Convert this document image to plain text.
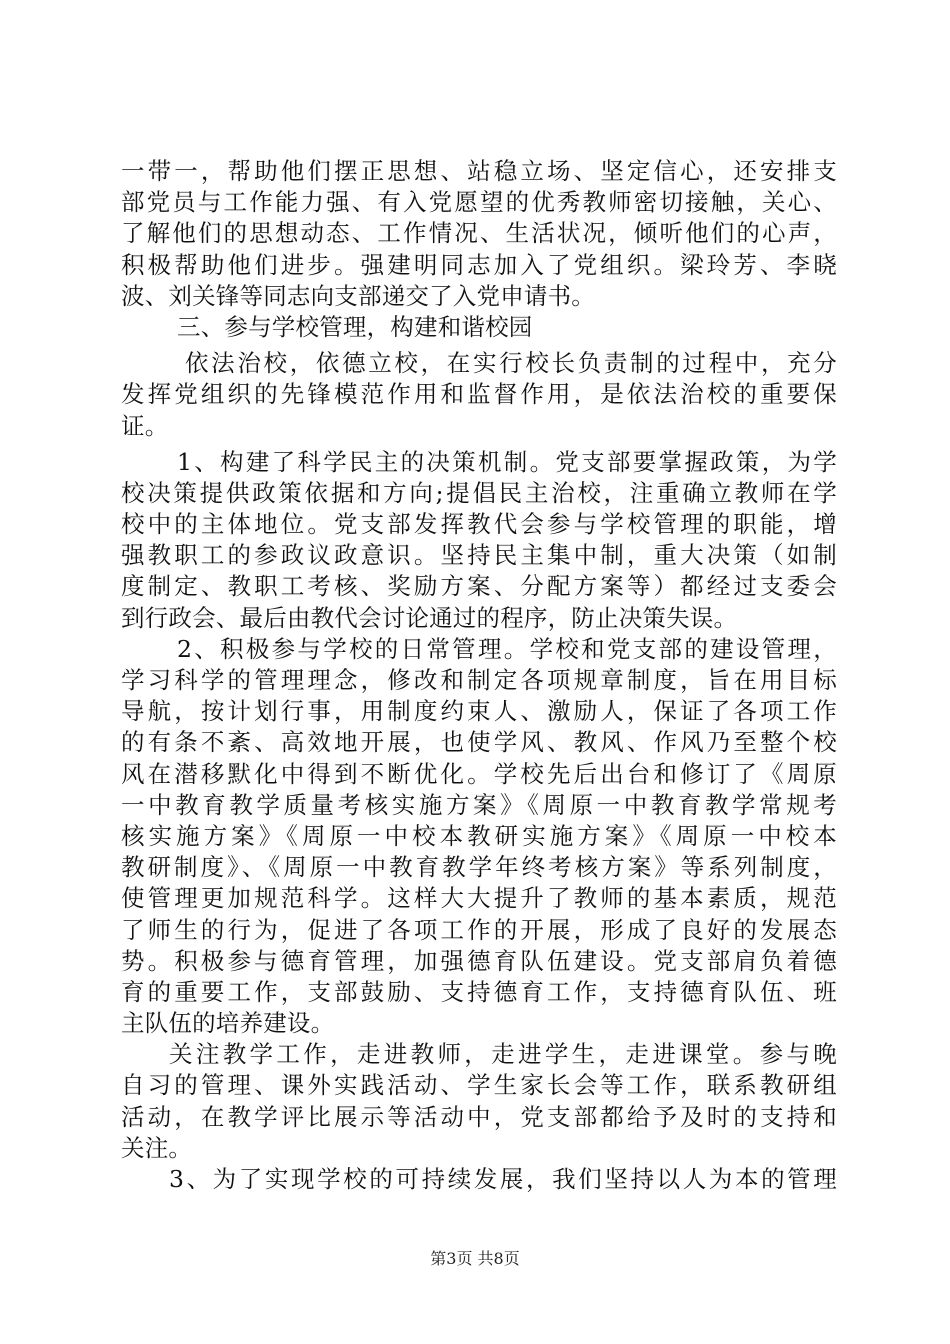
一带一，帮助他们摆正思想、站稳立场、坚定信心，还安排支
部党员与工作能力强、有入党愿望的优秀教师密切接触，关心、
了解他们的思想动态、工作情况、生活状况，倾听他们的心声，
积极帮助他们进步。强建明同志加入了党组织。梁玲芳、李晓
波、刘关锋等同志向支部递交了入党申请书。
三、参与学校管理，构建和谐校园
依法治校，依德立校，在实行校长负责制的过程中，充分
发挥党组织的先锋模范作用和监督作用，是依法治校的重要保
证。
1、构建了科学民主的决策机制。党支部要掌握政策，为学
校决策提供政策依据和方向;提倡民主治校，注重确立教师在学
校中的主体地位。党支部发挥教代会参与学校管理的职能，增
强教职工的参政议政意识。坚持民主集中制，重大决策（如制
度制定、教职工考核、奖励方案、分配方案等）都经过支委会
到行政会、最后由教代会讨论通过的程序，防止决策失误。
2、积极参与学校的日常管理。学校和党支部的建设管理，
学习科学的管理理念，修改和制定各项规章制度，旨在用目标
导航，按计划行事，用制度约束人、激励人，保证了各项工作
的有条不紊、高效地开展，也使学风、教风、作风乃至整个校
风在潜移默化中得到不断优化。学校先后出台和修订了《周原
一中教育教学质量考核实施方案》《周原一中教育教学常规考
核实施方案》《周原一中校本教研实施方案》《周原一中校本
教研制度》、《周原一中教育教学年终考核方案》等系列制度，
使管理更加规范科学。这样大大提升了教师的基本素质，规范
了师生的行为，促进了各项工作的开展，形成了良好的发展态
势。积极参与德育管理，加强德育队伍建设。党支部肩负着德
育的重要工作，支部鼓励、支持德育工作，支持德育队伍、班
主队伍的培养建设。
关注教学工作，走进教师，走进学生，走进课堂。参与晚
自习的管理、课外实践活动、学生家长会等工作，联系教研组
活动，在教学评比展示等活动中，党支部都给予及时的支持和
关注。
3、为了实现学校的可持续发展，我们坚持以人为本的管理
第3页 共8页
